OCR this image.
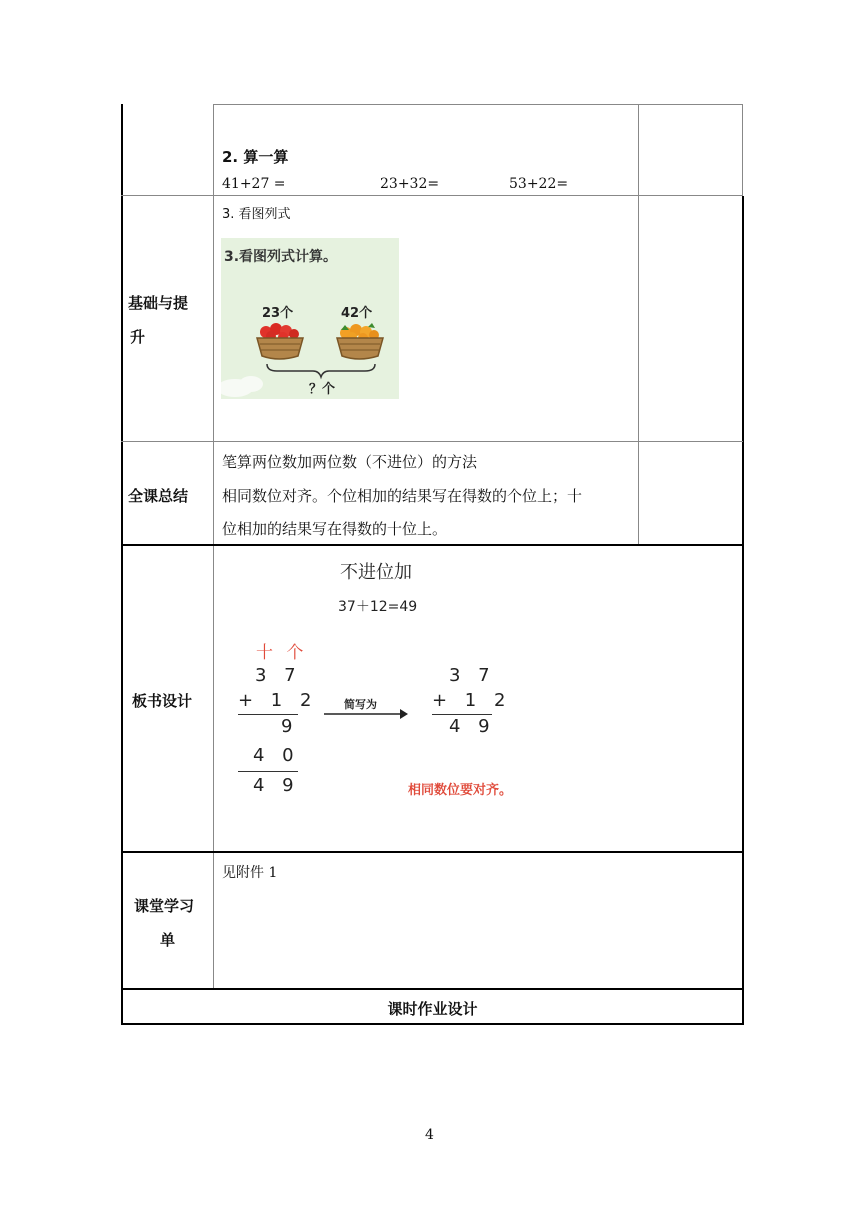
2. 算一算
41+27 =	23+32=	53+22=
基础与提
升
3. 看图列式
3.看图列式计算。
23个	42个
？个
全课总结
笔算两位数加两位数（不进位）的方法
相同数位对齐。个位相加的结果写在得数的个位上；十
位相加的结果写在得数的十位上。
板书设计
不进位加
37＋12=49
十 个
3 7
+ 1 2
9
4 0
4 9
简写为
3 7
+ 1 2
4 9
相同数位要对齐。
课堂学习
单
见附件 1
课时作业设计
4
